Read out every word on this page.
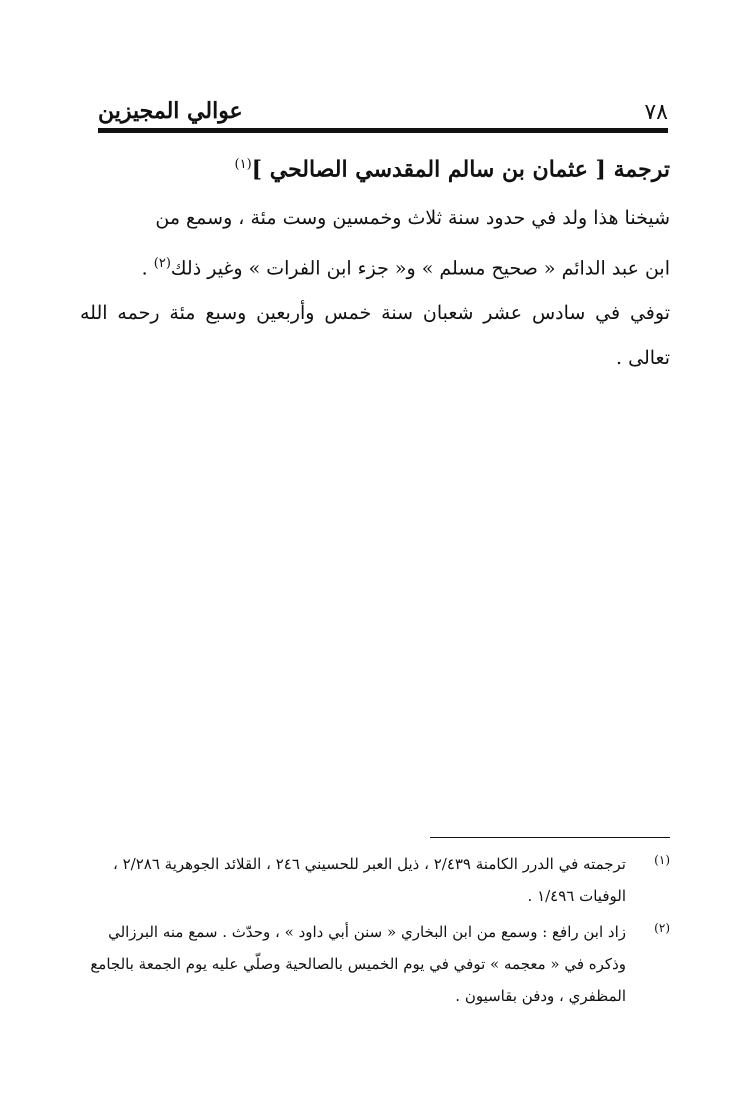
عوالي المجيزين	٧٨
ترجمة [ عثمان بن سالم المقدسي الصالحي ]$^{(١)}$

شيخنا هذا ولد في حدود سنة ثلاث وخمسين وست مئة ، وسمع من

ابن عبد الدائم « صحيح مسلم » و« جزء ابن الفرات » وغير ذلك$^{(٢)}$ .

توفي في سادس عشر شعبان سنة خمس وأربعين وسبع مئة رحمه الله تعالى .

(١)
ترجمته في الدرر الكامنة ٢/٤٣٩ ، ذيل العبر للحسيني ٢٤٦ ، القلائد الجوهرية ٢/٢٨٦ ،
الوفيات ١/٤٩٦ .
(٢)
زاد ابن رافع : وسمع من ابن البخاري « سنن أبي داود » ، وحدّث . سمع منه البرزالي
وذكره في « معجمه » توفي في يوم الخميس بالصالحية وصلّي عليه يوم الجمعة بالجامع
المظفري ، ودفن بقاسيون .
